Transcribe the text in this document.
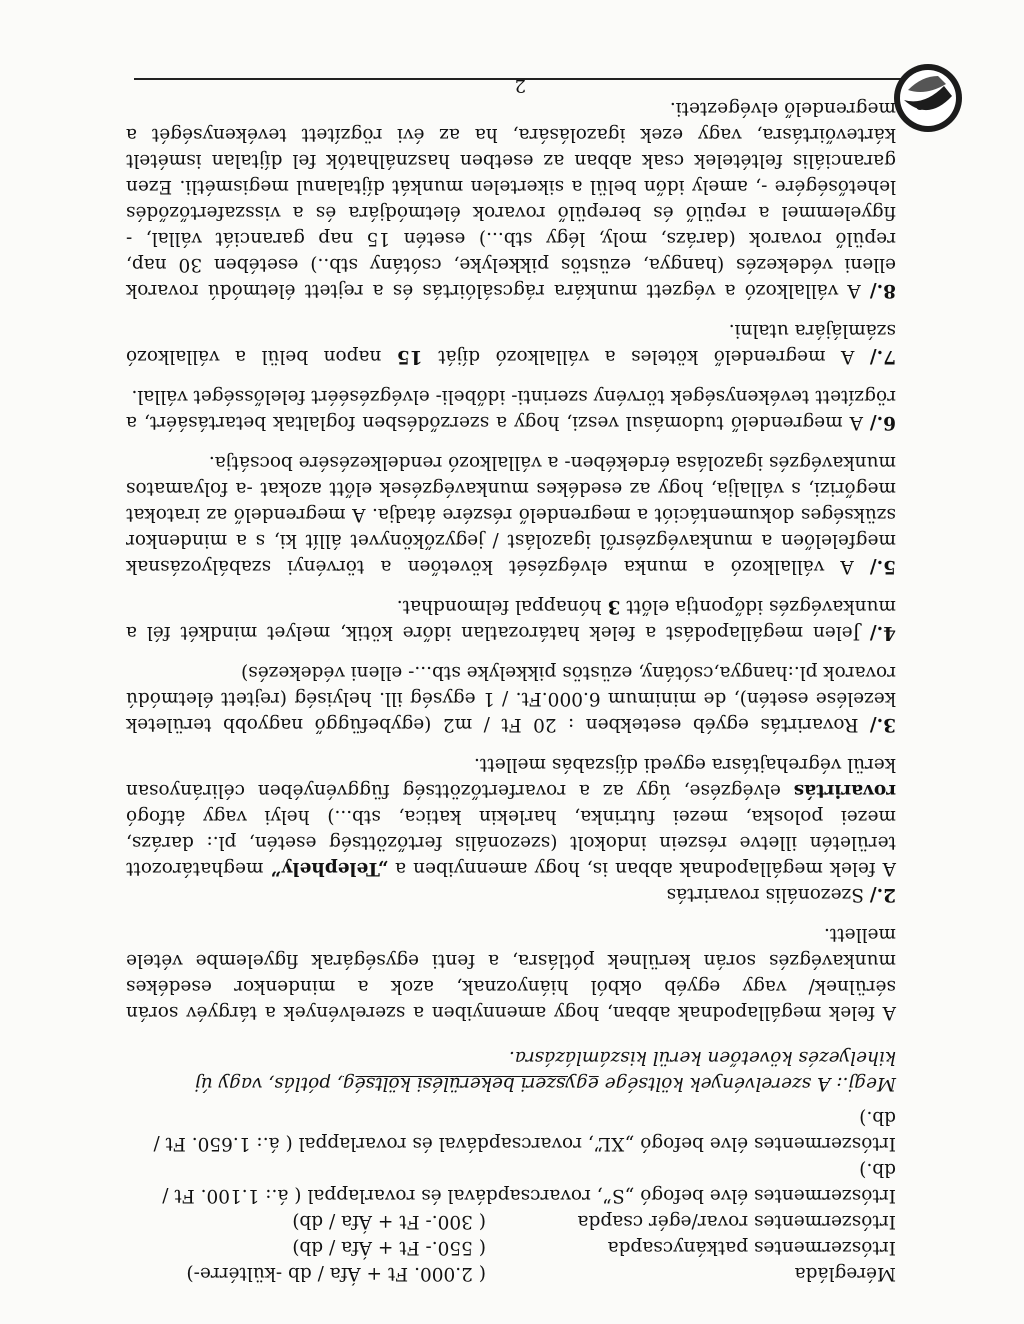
Méregláda	( 2.000. Ft + Áfa / db -kültérre-)
Irtószermentes patkánycsapda	( 550.- Ft + Áfa / db)
Irtószermentes rovar/egér csapda	( 300.- Ft + Áfa / db)

Irtószermentes élve befogó „S”, rovarcsapdával és rovarlappal ( á.: 1.100. Ft / db.)

Irtószermentes élve befogó „XL”, rovarcsapdával és rovarlappal ( á.: 1.650. Ft / db.)

Megj.: A szerelvények költsége egyszeri bekerülési költség, pótlás, vagy új kihelyezés követően kerül kiszámlázásra.

A felek megállapodnak abban, hogy amennyiben a szerelvények a tárgyév során sérülnek/ vagy egyéb okból hiányoznak, azok a mindenkor esedékes munkavégzés során kerülnek pótlásra, a fenti egységárak figyelembe vétele mellett.

2./ Szezonális rovarirtás

A felek megállapodnak abban is, hogy amennyiben a „Telephely” meghatározott területén illetve részein indokolt (szezonális fertőzöttség esetén, pl.: darázs, mezei poloska, mezei futrinka, harlekin katica, stb...) helyi vagy átfogó rovarirtás elvégzése, úgy az a rovarfertőzöttség függvényében célirányosan kerül végrehajtásra egyedi díjszabás mellett.

3./ Rovarirtás egyéb esetekben : 20 Ft / m2 (egybefüggő nagyobb területek kezelése esetén), de minimum 6.000.Ft. / 1 egység ill. helyiség (rejtett életmódú rovarok pl.:hangya,csótány, ezüstös pikkelyke stb...- elleni védekezés)

4./ Jelen megállapodást a felek határozatlan időre kötik, melyet mindkét fél a munkavégzés időpontja előtt 3 hónappal felmondhat.

5./ A vállalkozó a munka elvégzését követően a törvényi szabályozásnak megfelelően a munkavégzésről igazolást / jegyzőkönyvet állít ki, s a mindenkor szükséges dokumentációt a megrendelő részére átadja. A megrendelő az iratokat megőrizi, s vállalja, hogy az esedékes munkavégzések előtt azokat -a folyamatos munkavégzés igazolása érdekében- a vállalkozó rendelkezésére bocsátja.

6./ A megrendelő tudomásul veszi, hogy a szerződésben foglaltak betartásáért, a rögzített tevékenységek törvény szerinti- időbeli- elvégzéséért felelősséget vállal.

7./ A megrendelő köteles a vállalkozó díját 15 napon belül a vállalkozó számlájára utalni.

8./ A vállalkozó a végzett munkára rágcsálóirtás és a rejtett életmódú rovarok elleni védekezés (hangya, ezüstös pikkelyke, csótány stb..) esetében 30 nap, repülő rovarok (darázs, moly, légy stb...) esetén 15 nap garanciát vállal, - figyelemmel a repülő és berepülő rovarok életmódjára és a visszafertőződés lehetőségére -, amely időn belül a sikertelen munkát díjtalanul megismétli. Ezen garanciális feltételek csak abban az esetben használhatók fel díjtalan ismételt kártevőirtásra, vagy ezek igazolására, ha az évi rögzített tevékenységét a megrendelő elvégezteti.

2
